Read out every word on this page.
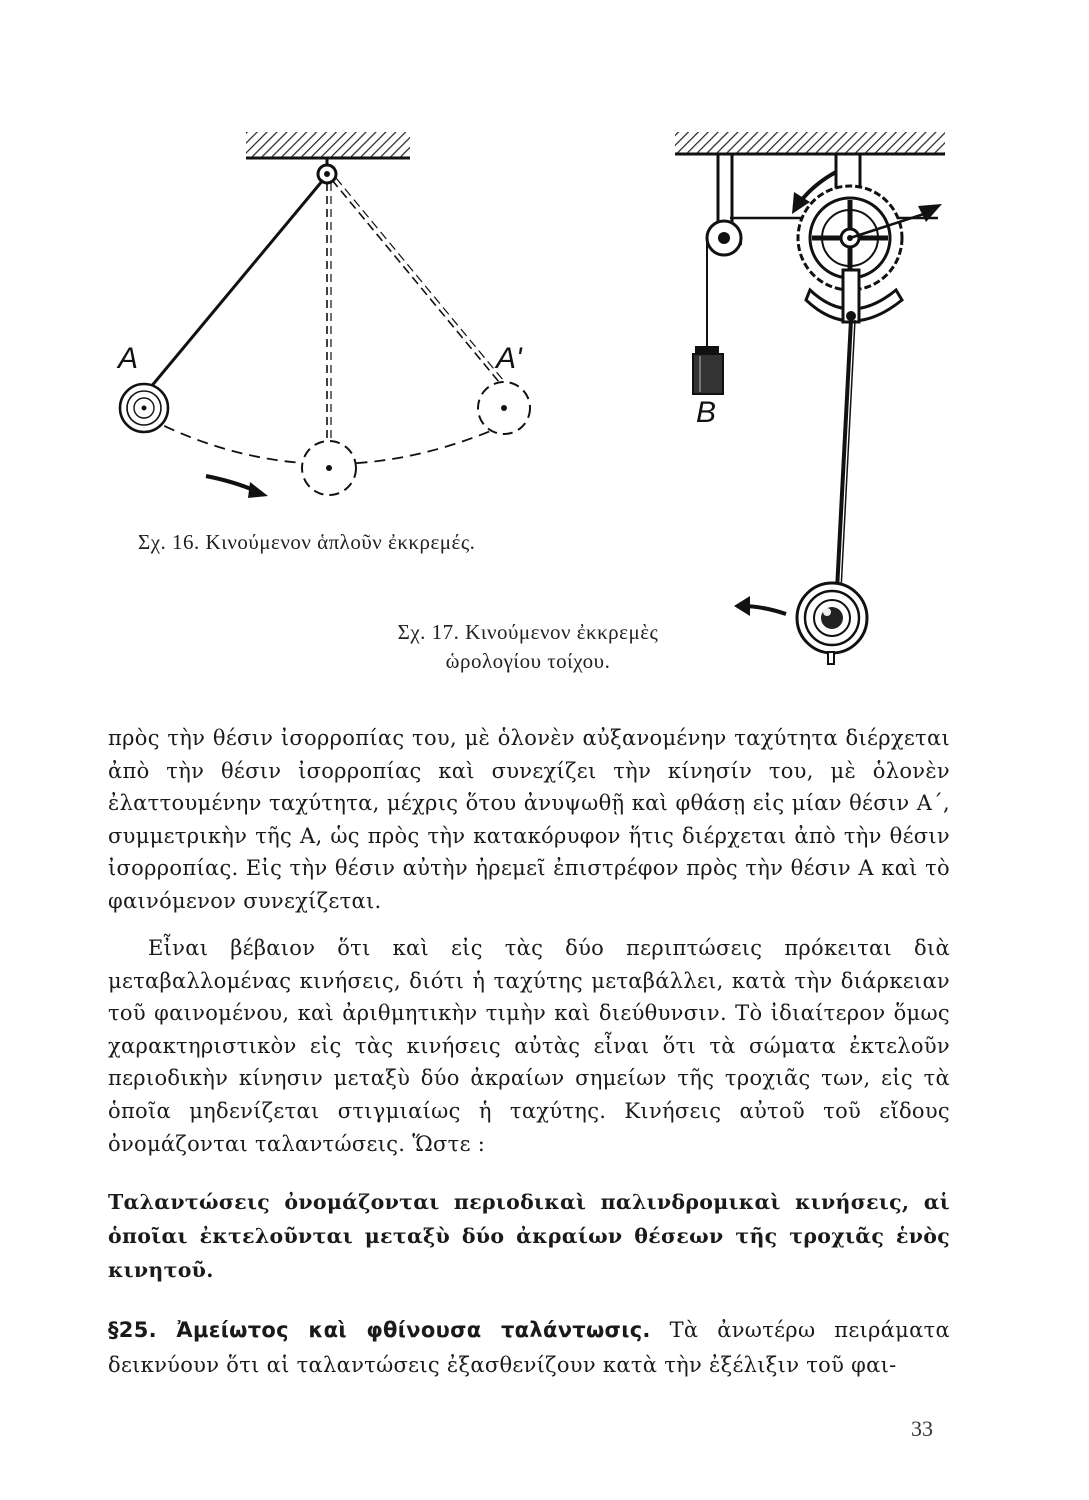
A	A'
B
Σχ. 16. Κινούμενον ἁπλοῦν ἐκκρεμές.
Σχ. 17. Κινούμενον ἐκκρεμὲς
ὡρολογίου τοίχου.

πρὸς τὴν θέσιν ἰσορροπίας του, μὲ ὁλονὲν αὐξανομένην ταχύτητα διέρχεται ἀπὸ τὴν θέσιν ἰσορροπίας καὶ συνεχίζει τὴν κίνησίν του, μὲ ὁλονὲν ἐλαττουμένην ταχύτητα, μέχρις ὅτου ἀνυψωθῇ καὶ φθάσῃ εἰς μίαν θέσιν Α΄, συμμετρικὴν τῆς Α, ὡς πρὸς τὴν κατακόρυφον ἥτις διέρχεται ἀπὸ τὴν θέσιν ἰσορροπίας. Εἰς τὴν θέσιν αὐτὴν ἠρεμεῖ ἐπιστρέφον πρὸς τὴν θέσιν Α καὶ τὸ φαινόμενον συνεχίζεται.

Εἶναι βέβαιον ὅτι καὶ εἰς τὰς δύο περιπτώσεις πρόκειται διὰ μεταβαλλομένας κινήσεις, διότι ἡ ταχύτης μεταβάλλει, κατὰ τὴν διάρκειαν τοῦ φαινομένου, καὶ ἀριθμητικὴν τιμὴν καὶ διεύθυνσιν. Τὸ ἰδιαίτερον ὅμως χαρακτηριστικὸν εἰς τὰς κινήσεις αὐτὰς εἶναι ὅτι τὰ σώματα ἐκτελοῦν περιοδικὴν κίνησιν μεταξὺ δύο ἀκραίων σημείων τῆς τροχιᾶς των, εἰς τὰ ὁποῖα μηδενίζεται στιγμιαίως ἡ ταχύτης. Κινήσεις αὐτοῦ τοῦ εἴδους ὀνομάζονται ταλαντώσεις. Ὥστε :

Ταλαντώσεις ὀνομάζονται περιοδικαὶ παλινδρομικαὶ κινήσεις, αἱ ὁποῖαι ἐκτελοῦνται μεταξὺ δύο ἀκραίων θέσεων τῆς τροχιᾶς ἑνὸς κινητοῦ.

§25. Ἀμείωτος καὶ φθίνουσα ταλάντωσις. Τὰ ἀνωτέρω πειράματα δεικνύουν ὅτι αἱ ταλαντώσεις ἐξασθενίζουν κατὰ τὴν ἐξέλιξιν τοῦ φαι-

33
